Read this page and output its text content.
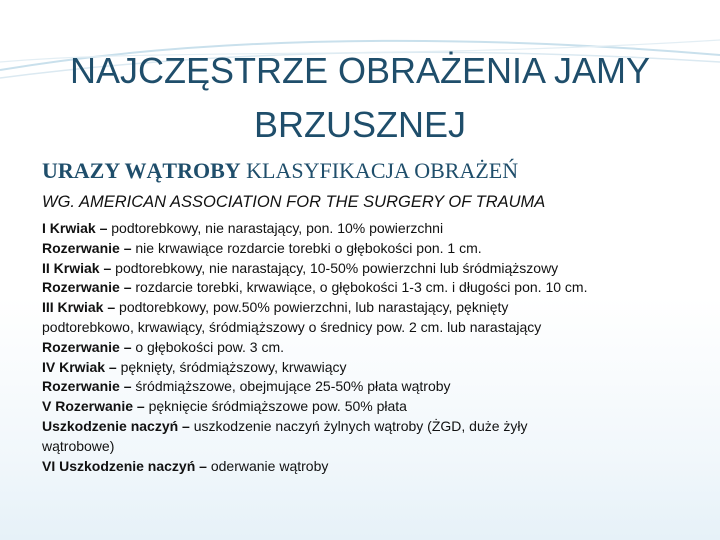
NAJCZĘSTRZE OBRAŻENIA JAMY
BRZUSZNEJ

URAZY WĄTROBY KLASYFIKACJA OBRAŻEŃ

WG. AMERICAN ASSOCIATION FOR THE SURGERY OF TRAUMA

I Krwiak – podtorebkowy, nie narastający, pon. 10% powierzchni
Rozerwanie – nie krwawiące rozdarcie torebki o głębokości pon. 1 cm.
II Krwiak – podtorebkowy, nie narastający, 10-50% powierzchni lub śródmiąższowy
Rozerwanie – rozdarcie torebki, krwawiące, o głębokości 1-3 cm. i długości pon. 10 cm.
III Krwiak – podtorebkowy, pow.50% powierzchni, lub narastający, pęknięty
podtorebkowo, krwawiący, śródmiąższowy o średnicy pow. 2 cm. lub narastający
Rozerwanie – o głębokości pow. 3 cm.
IV Krwiak – pęknięty, śródmiąższowy, krwawiący
Rozerwanie – śródmiąższowe, obejmujące 25-50% płata wątroby
V Rozerwanie – pęknięcie śródmiąższowe pow. 50% płata
Uszkodzenie naczyń – uszkodzenie naczyń żylnych wątroby (ŻGD, duże żyły
wątrobowe)
VI Uszkodzenie naczyń – oderwanie wątroby
